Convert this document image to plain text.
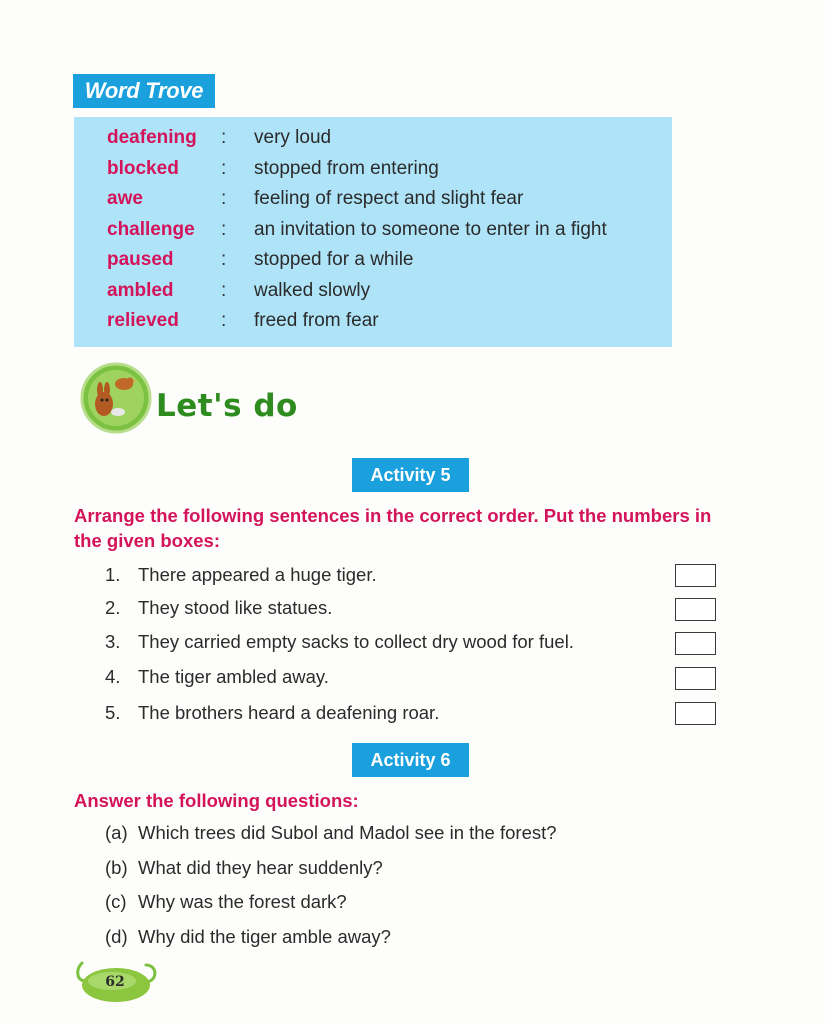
Word Trove
deafening : very loud
blocked : stopped from entering
awe	: feeling of respect and slight fear
challenge : an invitation to someone to enter in a fight
paused : stopped for a while
ambled : walked slowly
relieved : freed from fear
Let's do
Activity 5
Arrange the following sentences in the correct order. Put the numbers in
the given boxes:
1. There appeared a huge tiger.
2. They stood like statues.
3. They carried empty sacks to collect dry wood for fuel.
4. The tiger ambled away.
5. The brothers heard a deafening roar.
Activity 6
Answer the following questions:
(a) Which trees did Subol and Madol see in the forest?
(b) What did they hear suddenly?
(c) Why was the forest dark?
(d) Why did the tiger amble away?
62
